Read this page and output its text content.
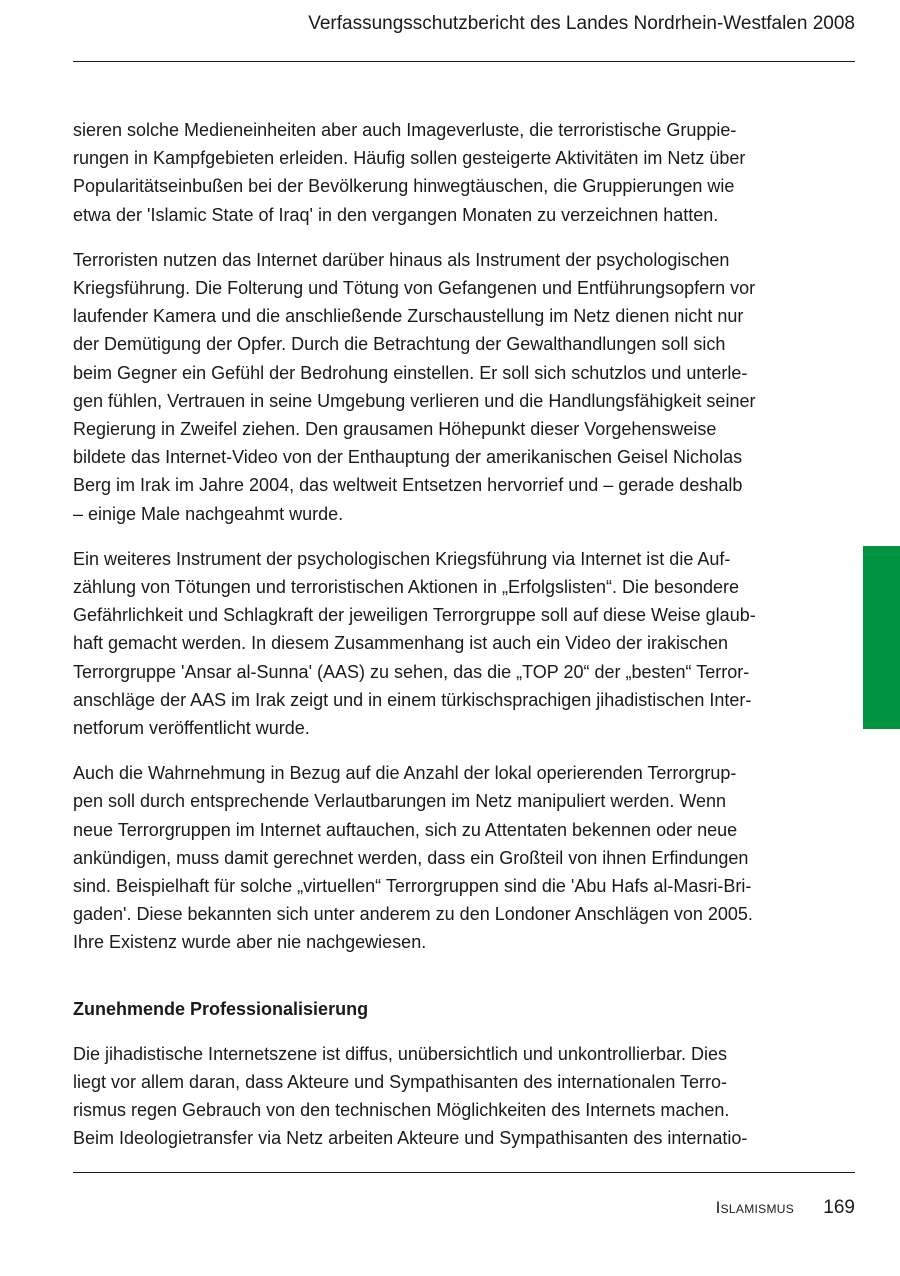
Verfassungsschutzbericht des Landes Nordrhein-Westfalen 2008

sieren solche Medieneinheiten aber auch Imageverluste, die terroristische Gruppie-
rungen in Kampfgebieten erleiden. Häufig sollen gesteigerte Aktivitäten im Netz über
Popularitätseinbußen bei der Bevölkerung hinwegtäuschen, die Gruppierungen wie
etwa der 'Islamic State of Iraq' in den vergangen Monaten zu verzeichnen hatten.

Terroristen nutzen das Internet darüber hinaus als Instrument der psychologischen
Kriegsführung. Die Folterung und Tötung von Gefangenen und Entführungsopfern vor
laufender Kamera und die anschließende Zurschaustellung im Netz dienen nicht nur
der Demütigung der Opfer. Durch die Betrachtung der Gewalthandlungen soll sich
beim Gegner ein Gefühl der Bedrohung einstellen. Er soll sich schutzlos und unterle-
gen fühlen, Vertrauen in seine Umgebung verlieren und die Handlungsfähigkeit seiner
Regierung in Zweifel ziehen. Den grausamen Höhepunkt dieser Vorgehensweise
bildete das Internet-Video von der Enthauptung der amerikanischen Geisel Nicholas
Berg im Irak im Jahre 2004, das weltweit Entsetzen hervorrief und – gerade deshalb
– einige Male nachgeahmt wurde.

Ein weiteres Instrument der psychologischen Kriegsführung via Internet ist die Auf-
zählung von Tötungen und terroristischen Aktionen in „Erfolgslisten“. Die besondere
Gefährlichkeit und Schlagkraft der jeweiligen Terrorgruppe soll auf diese Weise glaub-
haft gemacht werden. In diesem Zusammenhang ist auch ein Video der irakischen
Terrorgruppe 'Ansar al-Sunna' (AAS) zu sehen, das die „TOP 20“ der „besten“ Terror-
anschläge der AAS im Irak zeigt und in einem türkischsprachigen jihadistischen Inter-
netforum veröffentlicht wurde.

Auch die Wahrnehmung in Bezug auf die Anzahl der lokal operierenden Terrorgrup-
pen soll durch entsprechende Verlautbarungen im Netz manipuliert werden. Wenn
neue Terrorgruppen im Internet auftauchen, sich zu Attentaten bekennen oder neue
ankündigen, muss damit gerechnet werden, dass ein Großteil von ihnen Erfindungen
sind. Beispielhaft für solche „virtuellen“ Terrorgruppen sind die 'Abu Hafs al-Masri-Bri-
gaden'. Diese bekannten sich unter anderem zu den Londoner Anschlägen von 2005.
Ihre Existenz wurde aber nie nachgewiesen.

Zunehmende Professionalisierung

Die jihadistische Internetszene ist diffus, unübersichtlich und unkontrollierbar. Dies
liegt vor allem daran, dass Akteure und Sympathisanten des internationalen Terro-
rismus regen Gebrauch von den technischen Möglichkeiten des Internets machen.
Beim Ideologietransfer via Netz arbeiten Akteure und Sympathisanten des internatio-

Islamismus 169
